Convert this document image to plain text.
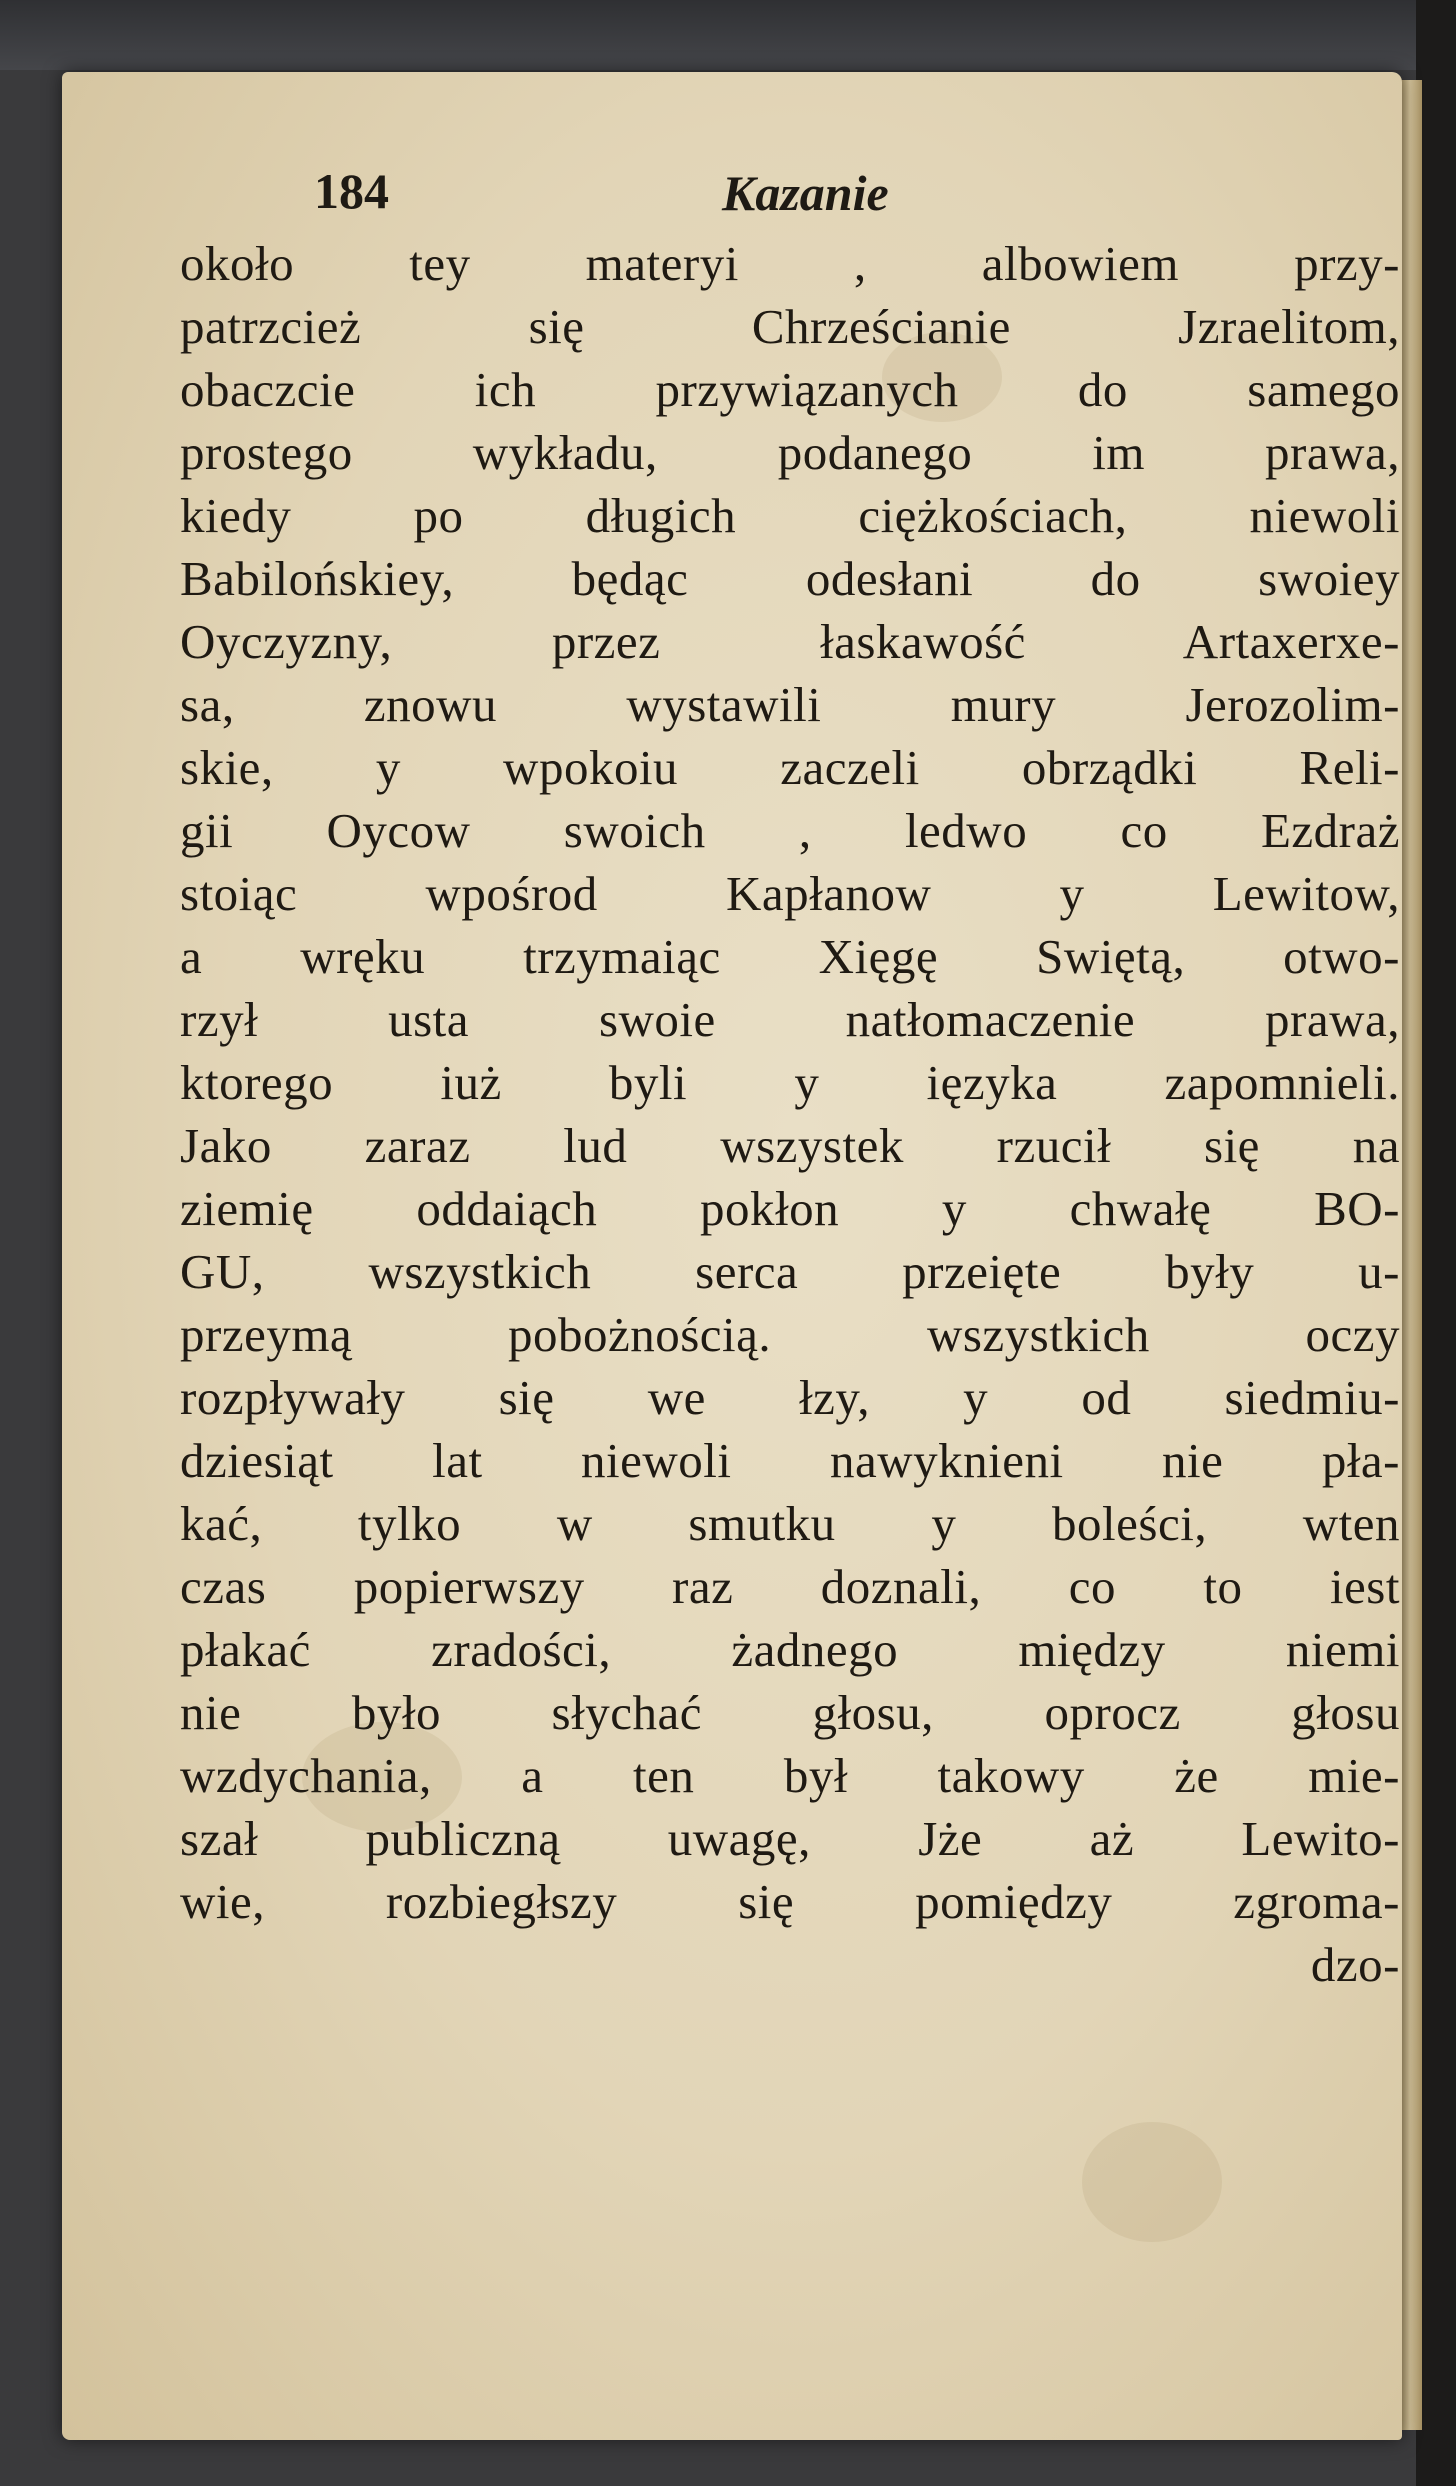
184	Kazanie
około tey materyi , albowiem przy-
patrzcież się Chrześcianie Jzraelitom,
obaczcie ich przywiązanych do samego
prostego wykładu, podanego im prawa,
kiedy po długich ciężkościach, niewoli
Babilońskiey, będąc odesłani do swoiey
Oyczyzny, przez łaskawość Artaxerxe-
sa, znowu wystawili mury Jerozolim-
skie, y wpokoiu zaczeli obrządki Reli-
gii Oycow swoich , ledwo co Ezdraż
stoiąc wpośrod Kapłanow y Lewitow,
a wręku trzymaiąc Xięgę Swiętą, otwo-
rzył usta swoie natłomaczenie prawa,
ktorego iuż byli y ięzyka zapomnieli.
Jako zaraz lud wszystek rzucił się na
ziemię oddaiąch pokłon y chwałę BO-
GU, wszystkich serca przeięte były u-
przeymą pobożnością. wszystkich oczy
rozpływały się we łzy, y od siedmiu-
dziesiąt lat niewoli nawyknieni nie pła-
kać, tylko w smutku y boleści, wten
czas popierwszy raz doznali, co to iest
płakać zradości, żadnego między niemi
nie było słychać głosu, oprocz głosu
wzdychania, a ten był takowy że mie-
szał publiczną uwagę, Jże aż Lewito-
wie, rozbiegłszy się pomiędzy zgroma-
dzo-
